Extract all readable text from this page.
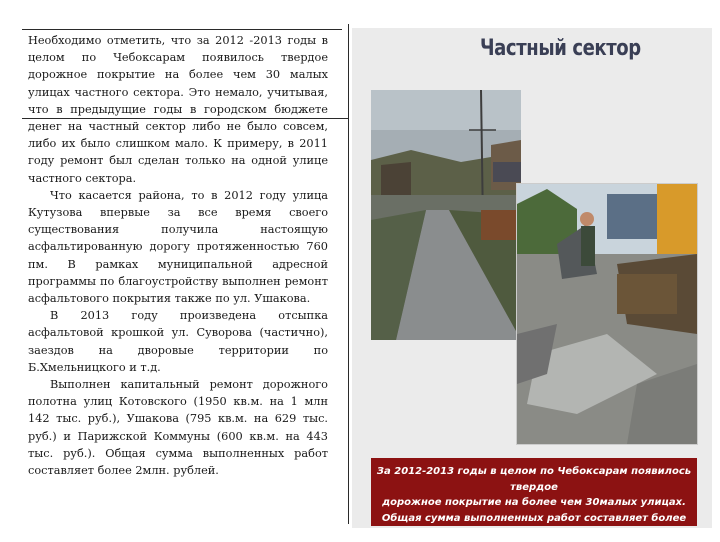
Необходимо отметить, что за 2012 -2013 годы в целом по Чебоксарам появилось твердое дорожное покрытие на более чем 30 малых улицах частного сектора. Это немало, учитывая, что в предыдущие годы в городском бюджете денег на частный сектор либо не было совсем, либо их было слишком мало. К примеру, в 2011 году ремонт был сделан только на одной улице частного сектора.

Что касается района, то в 2012 году улица Кутузова впервые за все время своего существования получила настоящую асфальтированную дорогу протяженностью 760 пм. В рамках муниципальной адресной программы по благоустройству выполнен ремонт асфальтового покрытия также по ул. Ушакова.

В 2013 году произведена отсыпка асфальтовой крошкой ул. Суворова (частично), заездов на дворовые территории по Б.Хмельницкого и т.д.

Выполнен капитальный ремонт дорожного полотна улиц Котовского (1950 кв.м. на 1 млн 142 тыс. руб.), Ушакова (795 кв.м. на 629 тыс. руб.) и Парижской Коммуны (600 кв.м. на 443 тыс. руб.). Общая сумма выполненных работ составляет более 2млн. рублей.

Частный сектор
За 2012-2013 годы в целом по Чебоксарам появилось твердое
дорожное покрытие на более чем 30малых улицах.
Общая сумма выполненных работ составляет более 2млн. рублей.
